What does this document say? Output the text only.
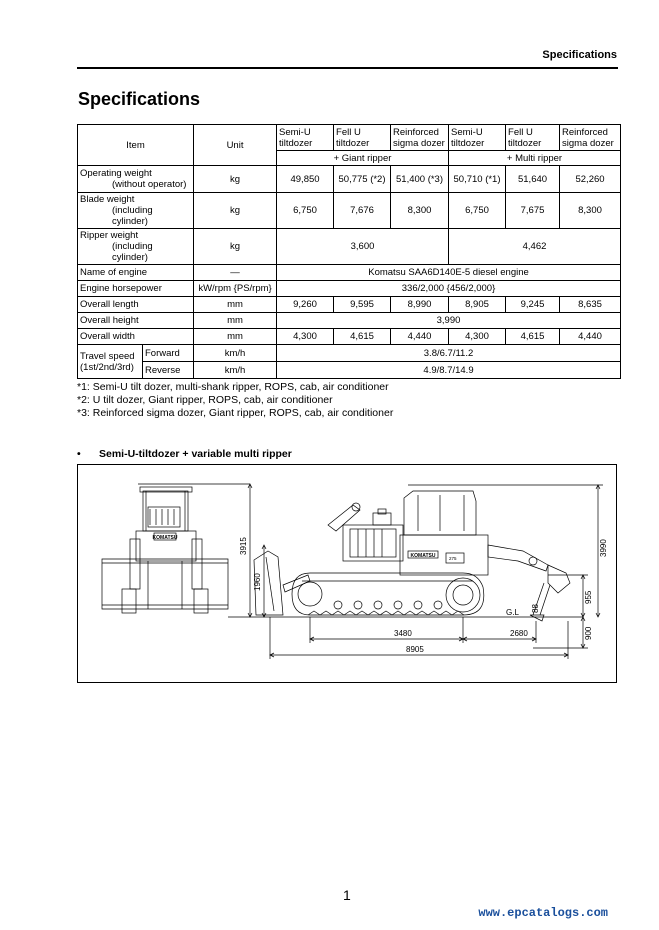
Specifications
Specifications
Item		Unit	Semi-U tiltdozer	Fell U tiltdozer	Reinforced sigma dozer	Semi-U tiltdozer	Fell U tiltdozer	Reinforced sigma dozer
			+ Giant ripper			+ Multi ripper		

Operating weight
(without operator)		kg	49,850	50,775 (*2)	51,400 (*3)	50,710 (*1)	51,640	52,260

Blade weight
(including cylinder)		kg	6,750	7,676	8,300	6,750	7,675	8,300

Ripper weight
(including cylinder)		kg	3,600			4,462		
Name of engine		—	Komatsu SAA6D140E-5 diesel engine					
Engine horsepower		kW/rpm {PS/rpm}	336/2,000 {456/2,000}					
Overall length		mm	9,260	9,595	8,990	8,905	9,245	8,635
Overall height		mm	3,990					
Overall width		mm	4,300	4,615	4,440	4,300	4,615	4,440

Travel speed
(1st/2nd/3rd)	Forward	km/h	3.8/6.7/11.2					
	Reverse	km/h	4.9/8.7/14.9					
*1: Semi-U tilt dozer, multi-shank ripper, ROPS, cab, air conditioner
*2: U tilt dozer, Giant ripper, ROPS, cab, air conditioner
*3: Reinforced sigma dozer, Giant ripper, ROPS, cab, air conditioner
• Semi-U-tiltdozer + variable multi ripper
KOMATSU	3915
1960
KOMATSU	275
3990
955
900
G.L 88
3480	2680
8905
1
www.epcatalogs.com
